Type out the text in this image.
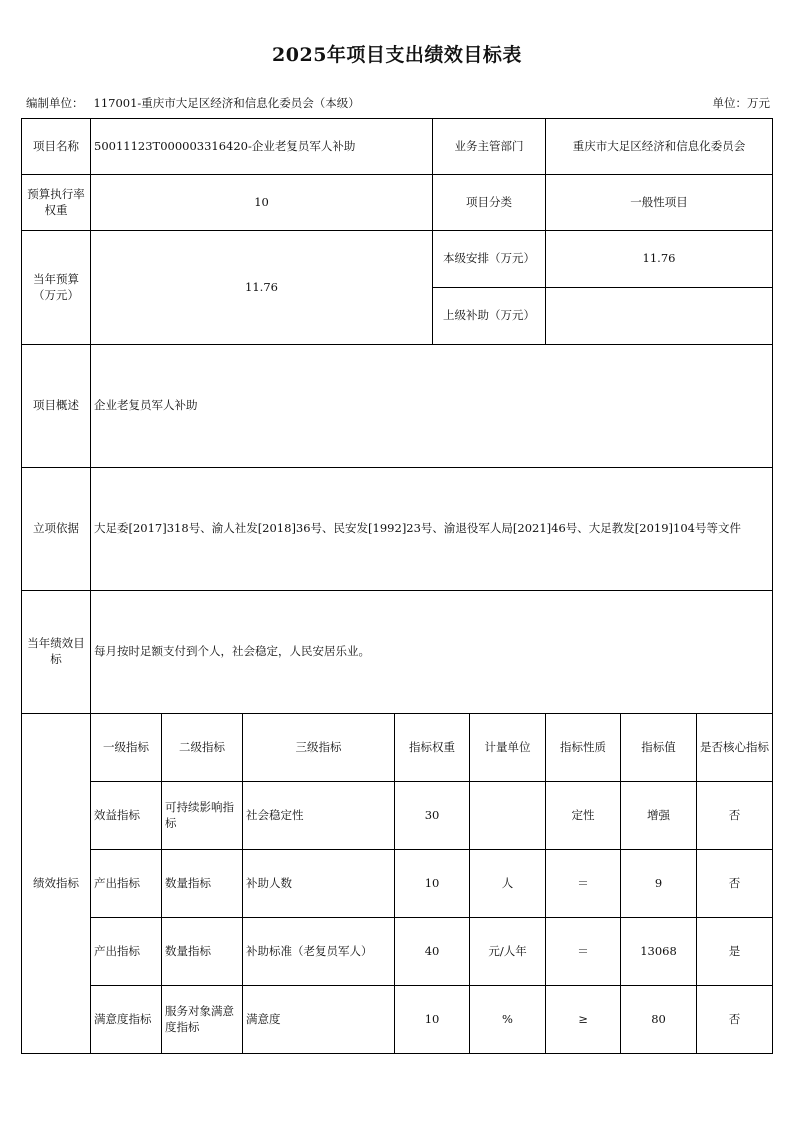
2025年项目支出绩效目标表
编制单位： 117001-重庆市大足区经济和信息化委员会（本级）	单位：万元
项目名称	50011123T000003316420-企业老复员军人补助				业务主管部门		重庆市大足区经济和信息化委员会		
预算执行率权重	10				项目分类		一般性项目		
当年预算（万元）	11.76				本级安排（万元）		11.76		
					上级补助（万元）				
项目概述	企业老复员军人补助								
立项依据	大足委[2017]318号、渝人社发[2018]36号、民安发[1992]23号、渝退役军人局[2021]46号、大足教发[2019]104号等文件								
当年绩效目标	每月按时足额支付到个人，社会稳定，人民安居乐业。								
绩效指标	一级指标	二级指标	三级指标	指标权重		计量单位	指标性质	指标值	是否核心指标
	效益指标	可持续影响指标	社会稳定性	30			定性	增强	否
	产出指标	数量指标	补助人数	10		人	＝	9	否
	产出指标	数量指标	补助标准（老复员军人）	40		元/人年	＝	13068	是
	满意度指标	服务对象满意度指标	满意度	10		%	≥	80	否
